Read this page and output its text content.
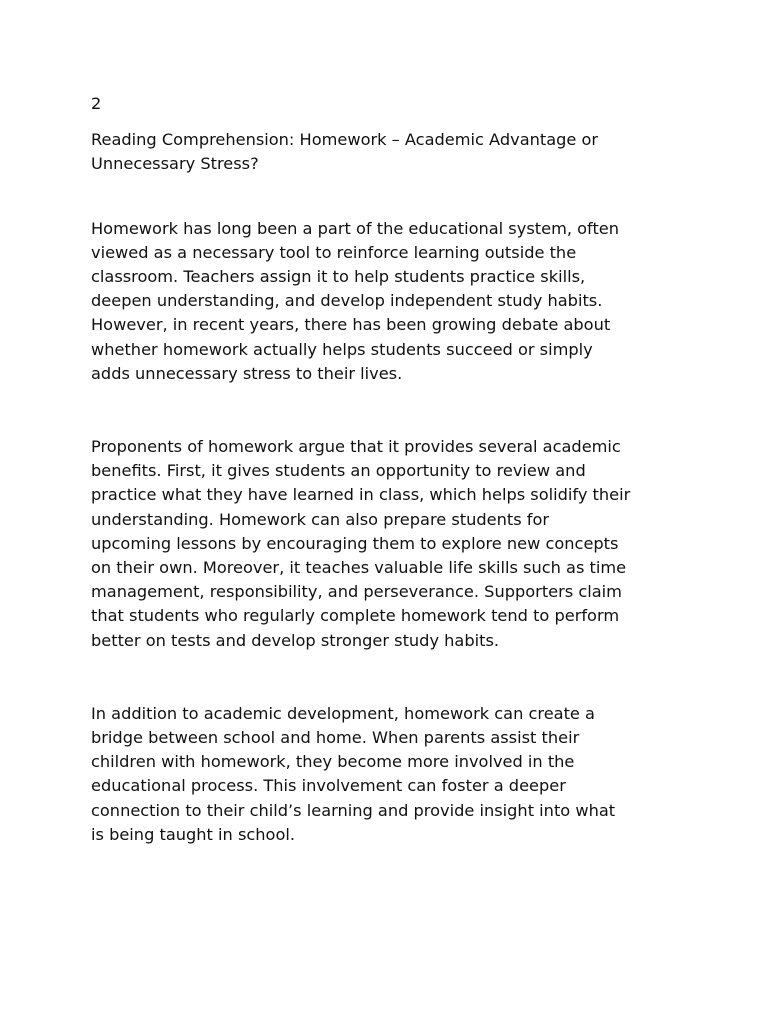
2
Reading Comprehension: Homework – Academic Advantage or
Unnecessary Stress?

Homework has long been a part of the educational system, often
viewed as a necessary tool to reinforce learning outside the
classroom. Teachers assign it to help students practice skills,
deepen understanding, and develop independent study habits.
However, in recent years, there has been growing debate about
whether homework actually helps students succeed or simply
adds unnecessary stress to their lives.

Proponents of homework argue that it provides several academic
benefits. First, it gives students an opportunity to review and
practice what they have learned in class, which helps solidify their
understanding. Homework can also prepare students for
upcoming lessons by encouraging them to explore new concepts
on their own. Moreover, it teaches valuable life skills such as time
management, responsibility, and perseverance. Supporters claim
that students who regularly complete homework tend to perform
better on tests and develop stronger study habits.

In addition to academic development, homework can create a
bridge between school and home. When parents assist their
children with homework, they become more involved in the
educational process. This involvement can foster a deeper
connection to their child’s learning and provide insight into what
is being taught in school.
